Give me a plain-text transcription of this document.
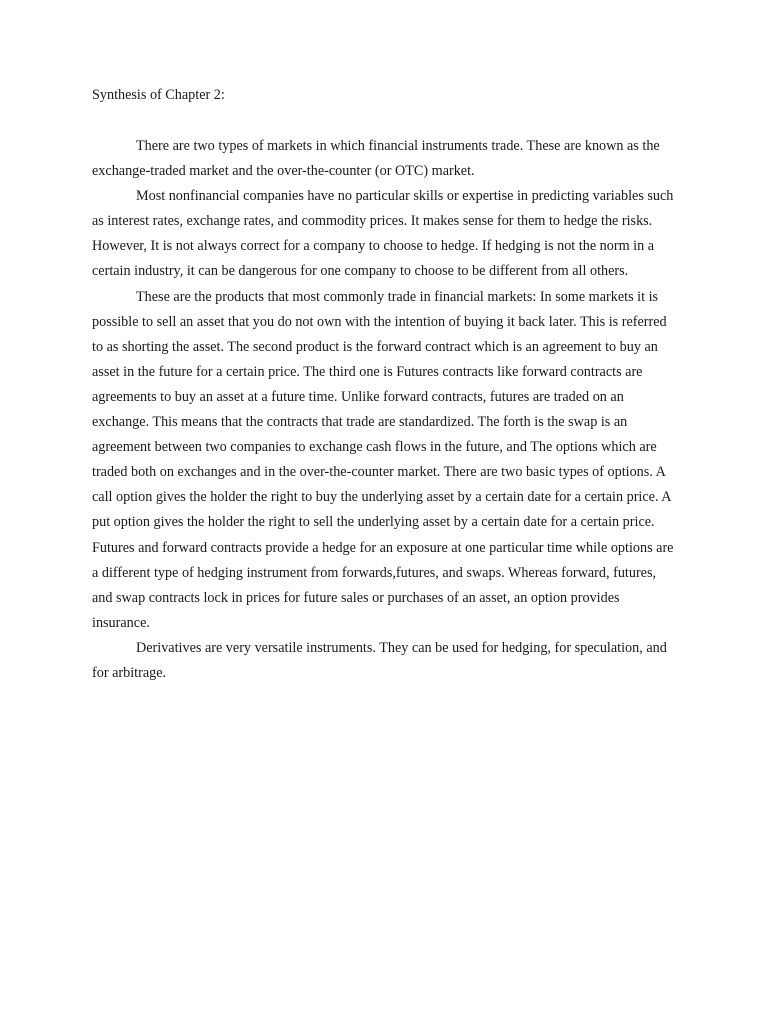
Synthesis of Chapter 2:

There are two types of markets in which financial instruments trade. These are known as the exchange-traded market and the over-the-counter (or OTC) market.

Most nonfinancial companies have no particular skills or expertise in predicting variables such as interest rates, exchange rates, and commodity prices. It makes sense for them to hedge the risks. However, It is not always correct for a company to choose to hedge. If hedging is not the norm in a certain industry, it can be dangerous for one company to choose to be different from all others.

These are the products that most commonly trade in financial markets: In some markets it is possible to sell an asset that you do not own with the intention of buying it back later. This is referred to as shorting the asset. The second product is the forward contract which is an agreement to buy an asset in the future for a certain price. The third one is Futures contracts like forward contracts are agreements to buy an asset at a future time. Unlike forward contracts, futures are traded on an exchange. This means that the contracts that trade are standardized. The forth is the swap is an agreement between two companies to exchange cash flows in the future, and The options which are traded both on exchanges and in the over-the-counter market. There are two basic types of options. A call option gives the holder the right to buy the underlying asset by a certain date for a certain price. A put option gives the holder the right to sell the underlying asset by a certain date for a certain price. Futures and forward contracts provide a hedge for an exposure at one particular time while options are a different type of hedging instrument from forwards,futures, and swaps. Whereas forward, futures, and swap contracts lock in prices for future sales or purchases of an asset, an option provides insurance.

Derivatives are very versatile instruments. They can be used for hedging, for speculation, and for arbitrage.
